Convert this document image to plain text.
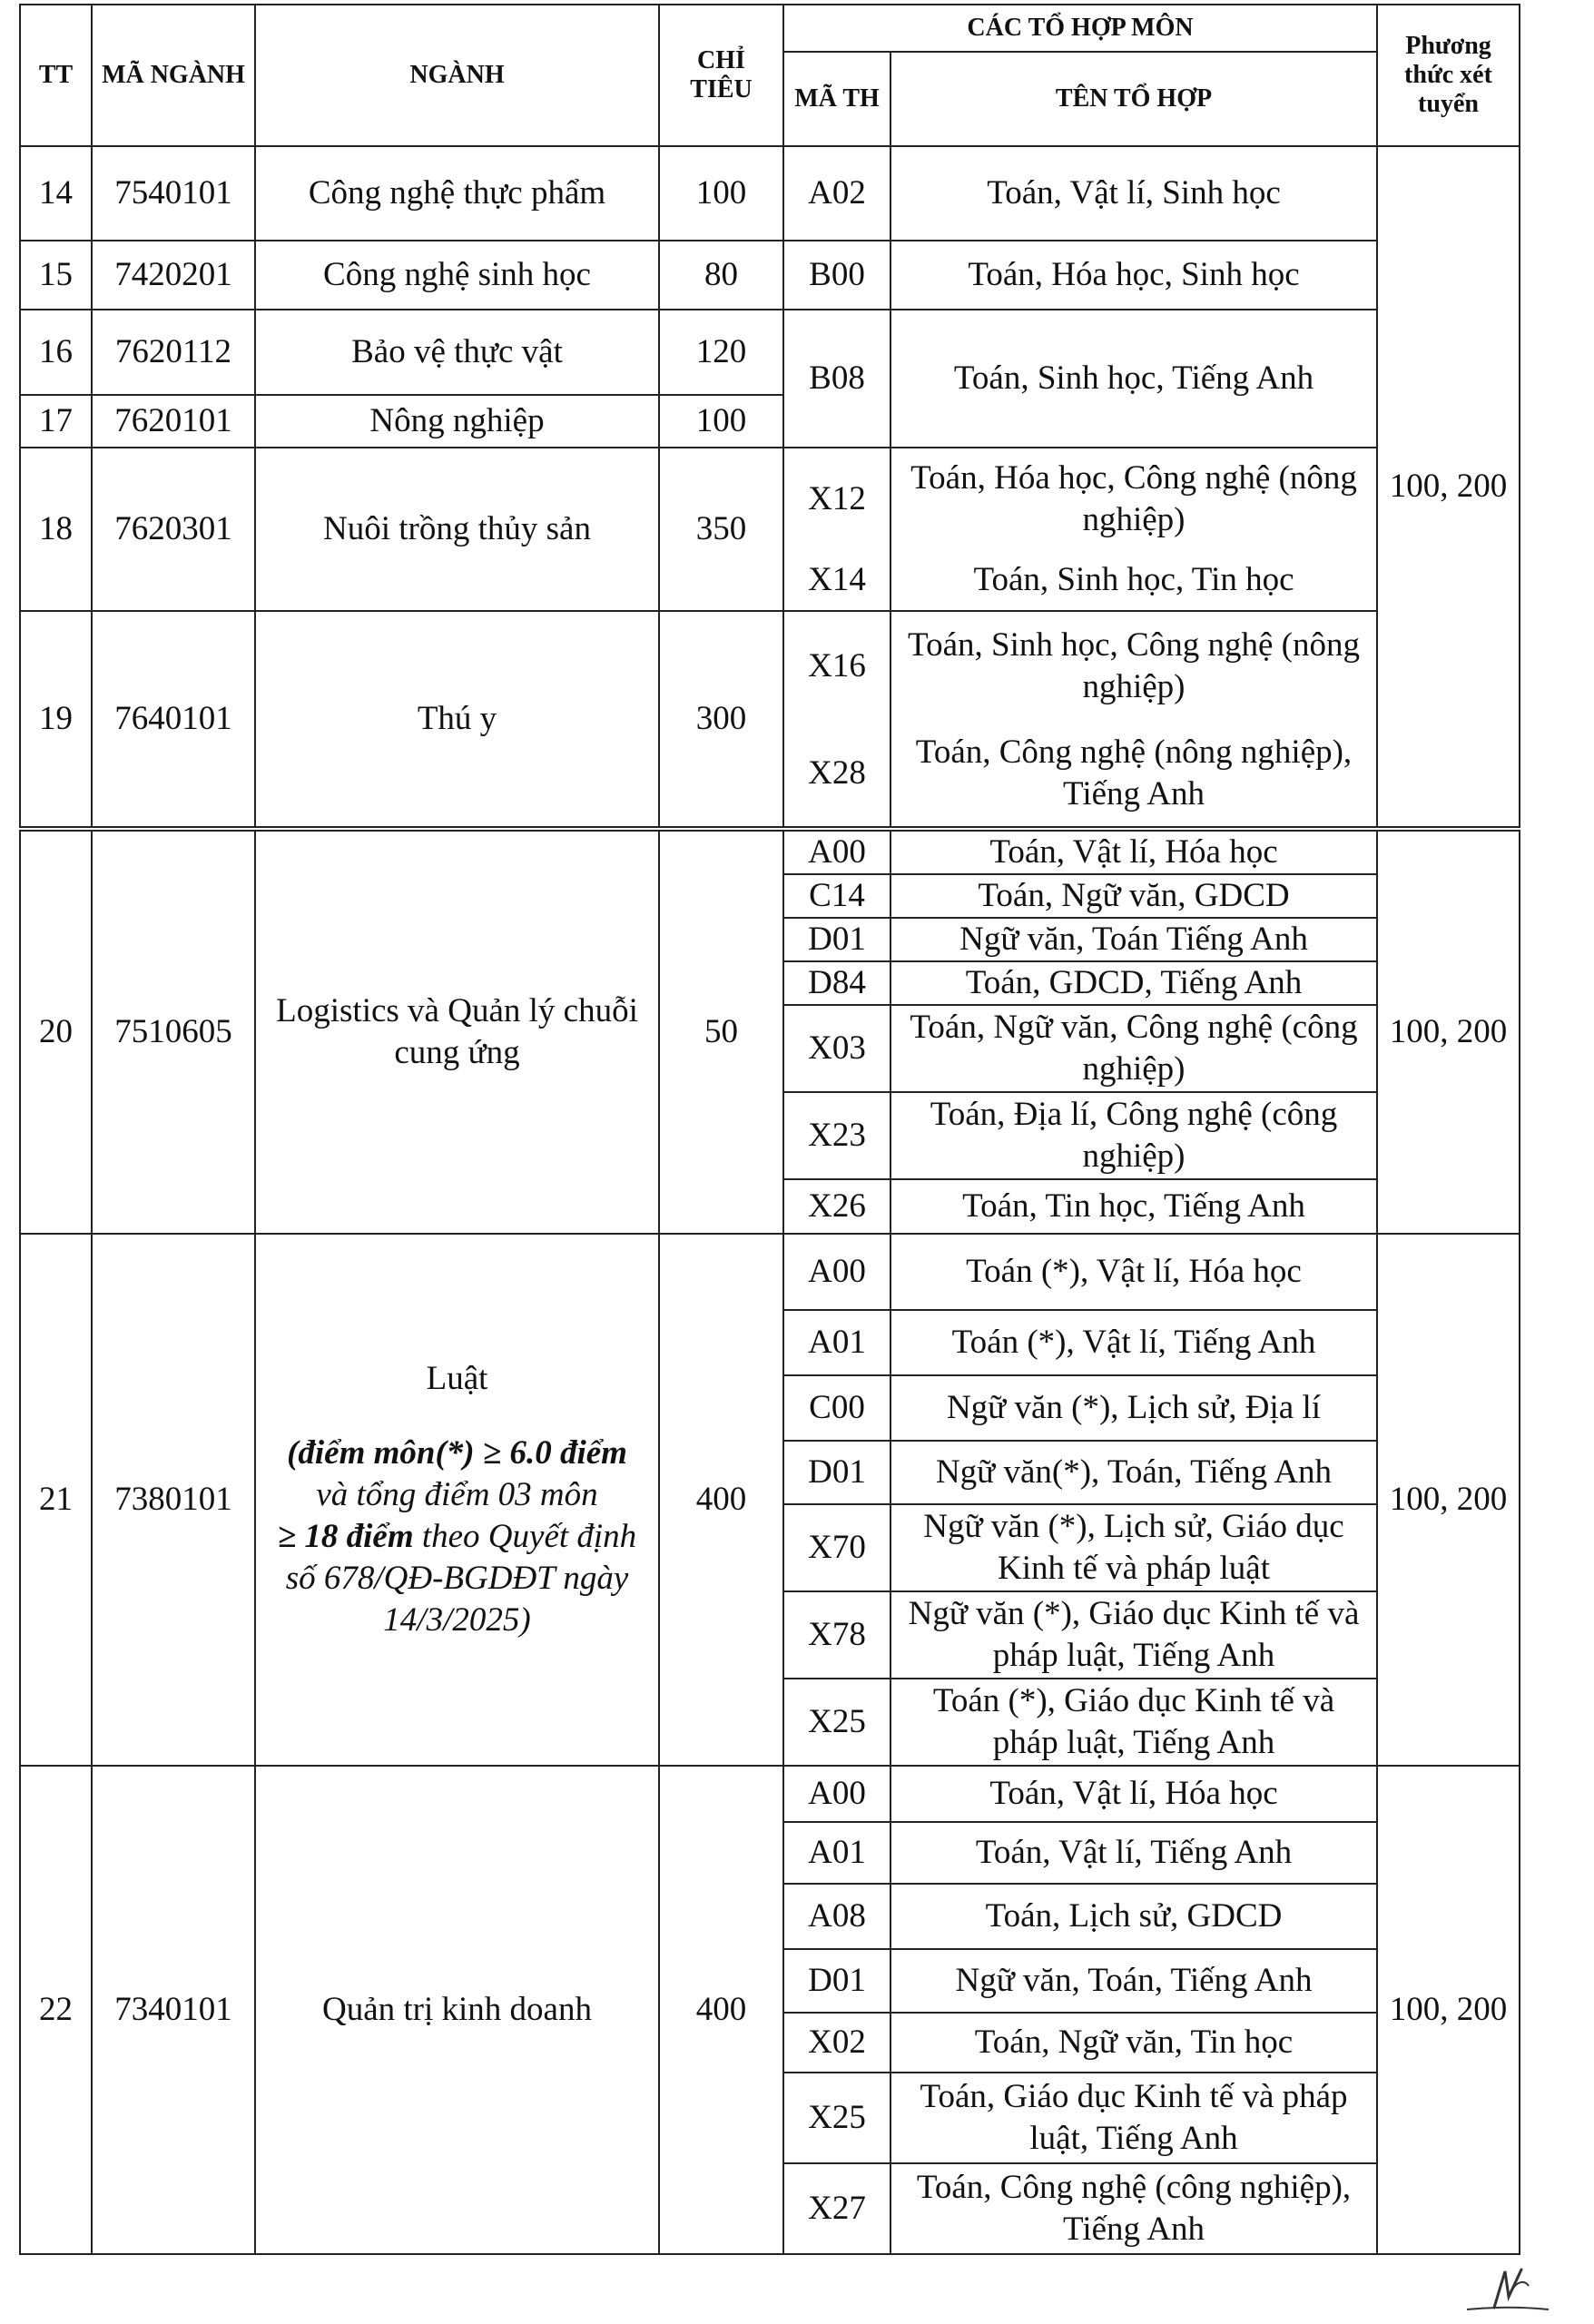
TT	MÃ NGÀNH	NGÀNH	CHỈ TIÊU	CÁC TỔ HỢP MÔN		Phương thức xét tuyển
				MÃ TH	TÊN TỔ HỢP	
14	7540101	Công nghệ thực phẩm	100	A02	Toán, Vật lí, Sinh học	100, 200
15	7420201	Công nghệ sinh học	80	B00	Toán, Hóa học, Sinh học	
16	7620112	Bảo vệ thực vật	120	B08	Toán, Sinh học, Tiếng Anh	
17	7620101	Nông nghiệp	100			
18	7620301	Nuôi trồng thủy sản	350	X12	Toán, Hóa học, Công nghệ (nông nghiệp)	
				X14	Toán, Sinh học, Tin học	
19	7640101	Thú y	300	X16	Toán, Sinh học, Công nghệ (nông nghiệp)	
				X28	Toán, Công nghệ (nông nghiệp), Tiếng Anh	
20	7510605	Logistics và Quản lý chuỗi cung ứng	50	A00	Toán, Vật lí, Hóa học	100, 200
				C14	Toán, Ngữ văn, GDCD	
				D01	Ngữ văn, Toán Tiếng Anh	
				D84	Toán, GDCD, Tiếng Anh	
				X03	Toán, Ngữ văn, Công nghệ (công nghiệp)	
				X23	Toán, Địa lí, Công nghệ (công nghiệp)	
				X26	Toán, Tin học, Tiếng Anh	
21	7380101	Luật
(điểm môn(*) ≥ 6.0 điểm
và tổng điểm 03 môn
≥ 18 điểm theo Quyết định số 678/QĐ-BGDĐT ngày 14/3/2025)	400	A00	Toán (*), Vật lí, Hóa học	100, 200
				A01	Toán (*), Vật lí, Tiếng Anh	
				C00	Ngữ văn (*), Lịch sử, Địa lí	
				D01	Ngữ văn(*), Toán, Tiếng Anh	
				X70	Ngữ văn (*), Lịch sử, Giáo dục Kinh tế và pháp luật	
				X78	Ngữ văn (*), Giáo dục Kinh tế và pháp luật, Tiếng Anh	
				X25	Toán (*), Giáo dục Kinh tế và pháp luật, Tiếng Anh	
22	7340101	Quản trị kinh doanh	400	A00	Toán, Vật lí, Hóa học	100, 200
				A01	Toán, Vật lí, Tiếng Anh	
				A08	Toán, Lịch sử, GDCD	
				D01	Ngữ văn, Toán, Tiếng Anh	
				X02	Toán, Ngữ văn, Tin học	
				X25	Toán, Giáo dục Kinh tế và pháp luật, Tiếng Anh	
				X27	Toán, Công nghệ (công nghiệp), Tiếng Anh	
